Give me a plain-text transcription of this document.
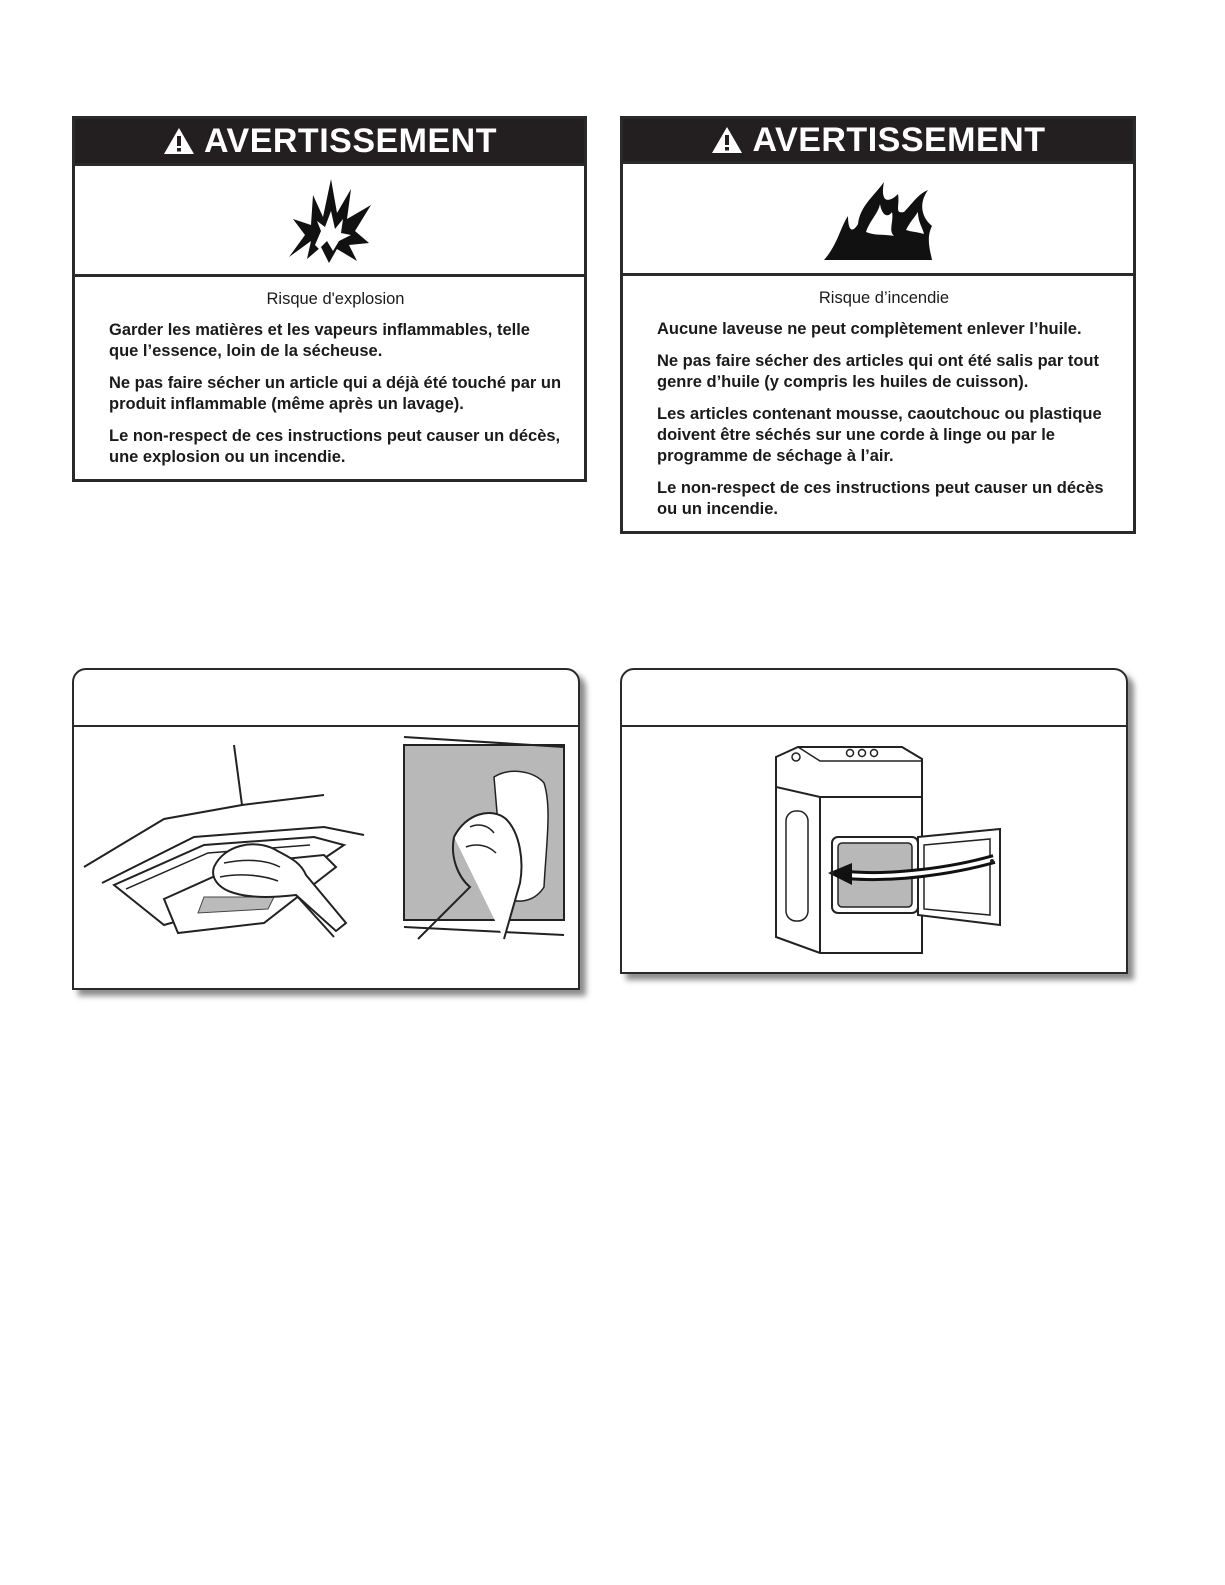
AVERTISSEMENT
Risque d'explosion

Garder les matières et les vapeurs inflammables, telle que l’essence, loin de la sécheuse.

Ne pas faire sécher un article qui a déjà été touché par un produit inflammable (même après un lavage).

Le non-respect de ces instructions peut causer un décès, une explosion ou un incendie.

AVERTISSEMENT
Risque d’incendie

Aucune laveuse ne peut complètement enlever l’huile.

Ne pas faire sécher des articles qui ont été salis par tout genre d’huile (y compris les huiles de cuisson).

Les articles contenant mousse, caoutchouc ou plastique doivent être séchés sur une corde à linge ou par le programme de séchage à l’air.

Le non-respect de ces instructions peut causer un décès ou un incendie.
